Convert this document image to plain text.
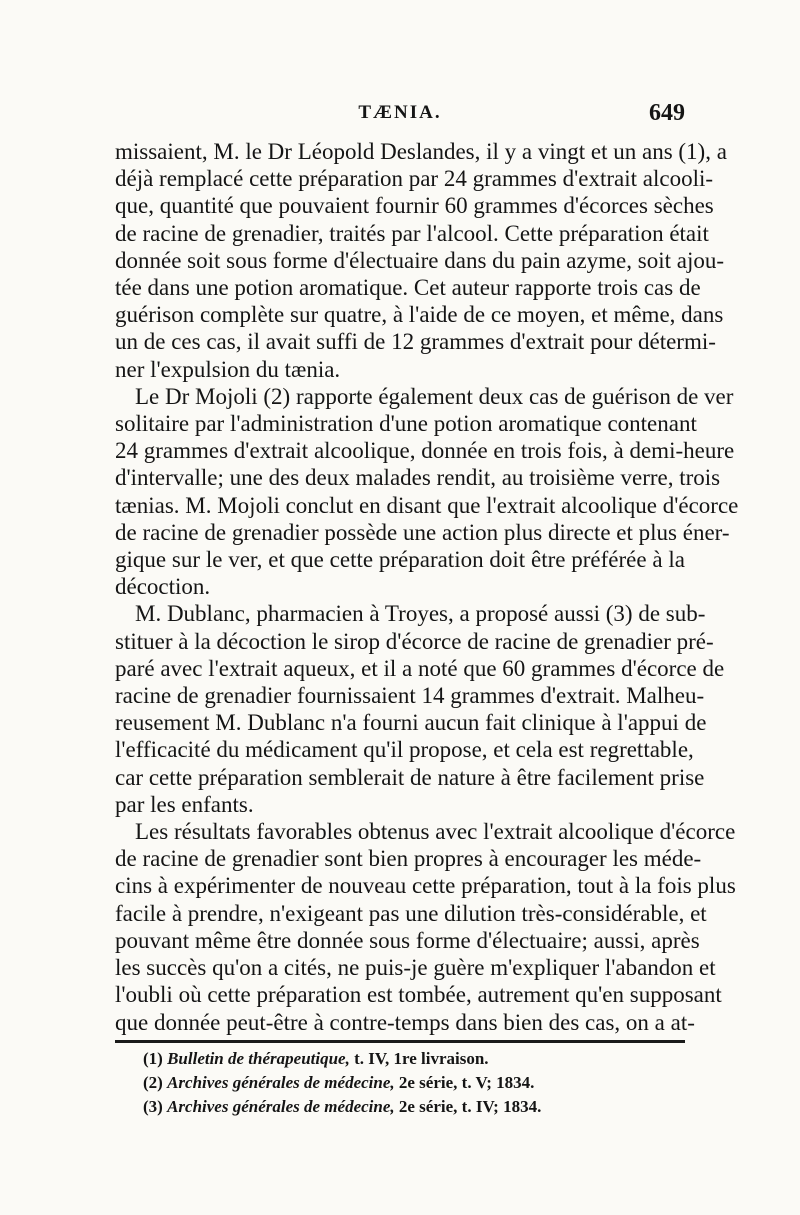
TÆNIA.	649
missaient, M. le Dr Léopold Deslandes, il y a vingt et un ans (1), a
déjà remplacé cette préparation par 24 grammes d'extrait alcooli-
que, quantité que pouvaient fournir 60 grammes d'écorces sèches
de racine de grenadier, traités par l'alcool. Cette préparation était
donnée soit sous forme d'électuaire dans du pain azyme, soit ajou-
tée dans une potion aromatique. Cet auteur rapporte trois cas de
guérison complète sur quatre, à l'aide de ce moyen, et même, dans
un de ces cas, il avait suffi de 12 grammes d'extrait pour détermi-
ner l'expulsion du tænia.
Le Dr Mojoli (2) rapporte également deux cas de guérison de ver
solitaire par l'administration d'une potion aromatique contenant
24 grammes d'extrait alcoolique, donnée en trois fois, à demi-heure
d'intervalle; une des deux malades rendit, au troisième verre, trois
tænias. M. Mojoli conclut en disant que l'extrait alcoolique d'écorce
de racine de grenadier possède une action plus directe et plus éner-
gique sur le ver, et que cette préparation doit être préférée à la
décoction.
M. Dublanc, pharmacien à Troyes, a proposé aussi (3) de sub-
stituer à la décoction le sirop d'écorce de racine de grenadier pré-
paré avec l'extrait aqueux, et il a noté que 60 grammes d'écorce de
racine de grenadier fournissaient 14 grammes d'extrait. Malheu-
reusement M. Dublanc n'a fourni aucun fait clinique à l'appui de
l'efficacité du médicament qu'il propose, et cela est regrettable,
car cette préparation semblerait de nature à être facilement prise
par les enfants.
Les résultats favorables obtenus avec l'extrait alcoolique d'écorce
de racine de grenadier sont bien propres à encourager les méde-
cins à expérimenter de nouveau cette préparation, tout à la fois plus
facile à prendre, n'exigeant pas une dilution très-considérable, et
pouvant même être donnée sous forme d'électuaire; aussi, après
les succès qu'on a cités, ne puis-je guère m'expliquer l'abandon et
l'oubli où cette préparation est tombée, autrement qu'en supposant
que donnée peut-être à contre-temps dans bien des cas, on a at-
(1) Bulletin de thérapeutique, t. IV, 1re livraison.
(2) Archives générales de médecine, 2e série, t. V; 1834.
(3) Archives générales de médecine, 2e série, t. IV; 1834.
